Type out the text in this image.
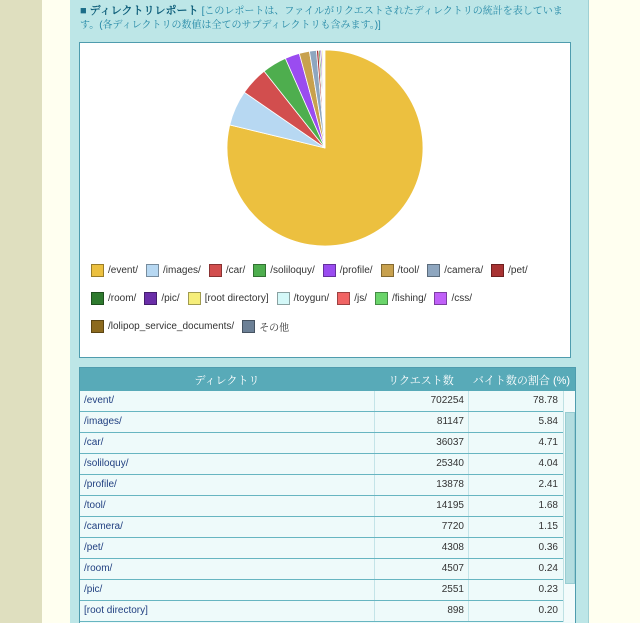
■ ディレクトリレポート [このレポートは、ファイルがリクエストされたディレクトリの統計を表しています。(各ディレクトリの数値は全てのサブディレクトリも含みます。)]
/event/	/images/	/car/	/soliloquy/	/profile/	/tool/	/camera/	/pet/
/room/	/pic/	[root directory]	/toygun/	/js/	/fishing/	/css/
/lolipop_service_documents/	その他
ディレクトリ	リクエスト数	バイト数の割合 (%)
/event/	702254	78.78
/images/	81147	5.84
/car/	36037	4.71
/soliloquy/	25340	4.04
/profile/	13878	2.41
/tool/	14195	1.68
/camera/	7720	1.15
/pet/	4308	0.36
/room/	4507	0.24
/pic/	2551	0.23
[root directory]	898	0.20
